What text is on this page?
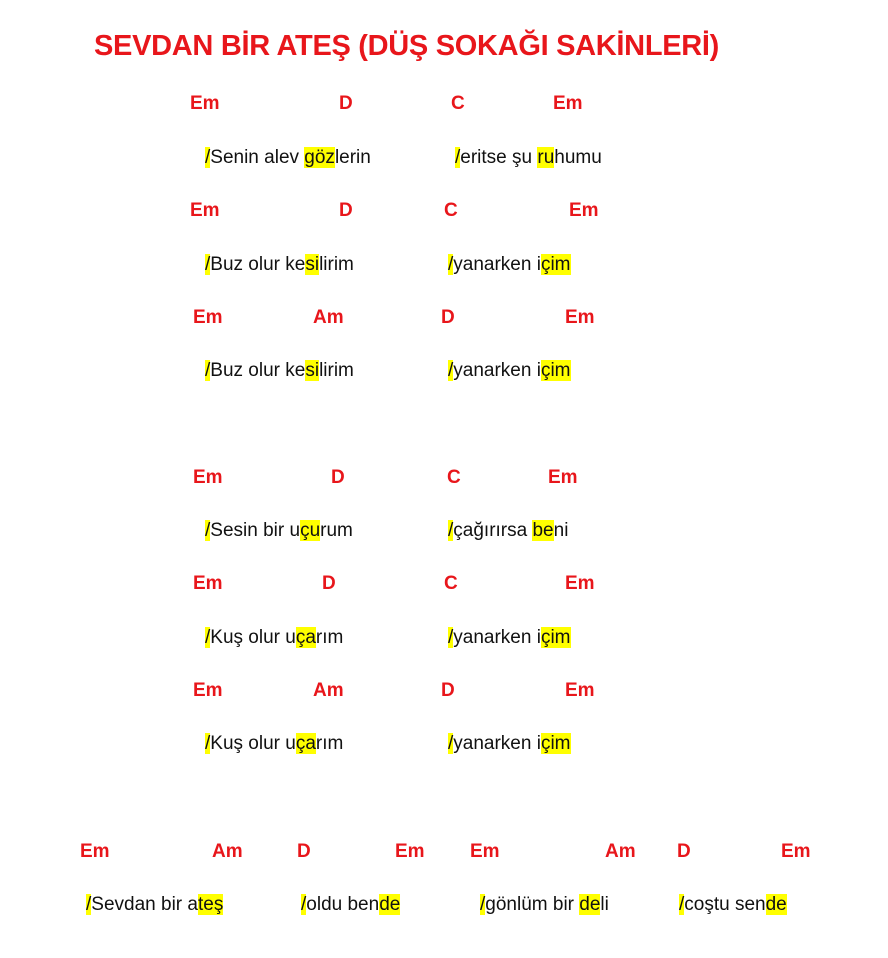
SEVDAN BİR ATEŞ (DÜŞ SOKAĞI SAKİNLERİ)
Em	D	C	Em
/Senin alev gözlerin	/eritse şu ruhumu
Em	D	C	Em
/Buz olur kesilirim	/yanarken içim
Em	Am	D	Em
/Buz olur kesilirim	/yanarken içim
Em	D	C	Em
/Sesin bir uçurum	/çağırırsa beni
Em	D	C	Em
/Kuş olur uçarım	/yanarken içim
Em	Am	D	Em
/Kuş olur uçarım	/yanarken içim
Em	Am	D	Em Em	Am D	Em
/Sevdan bir ateş	/oldu bende	/gönlüm bir deli	/coştu sende
